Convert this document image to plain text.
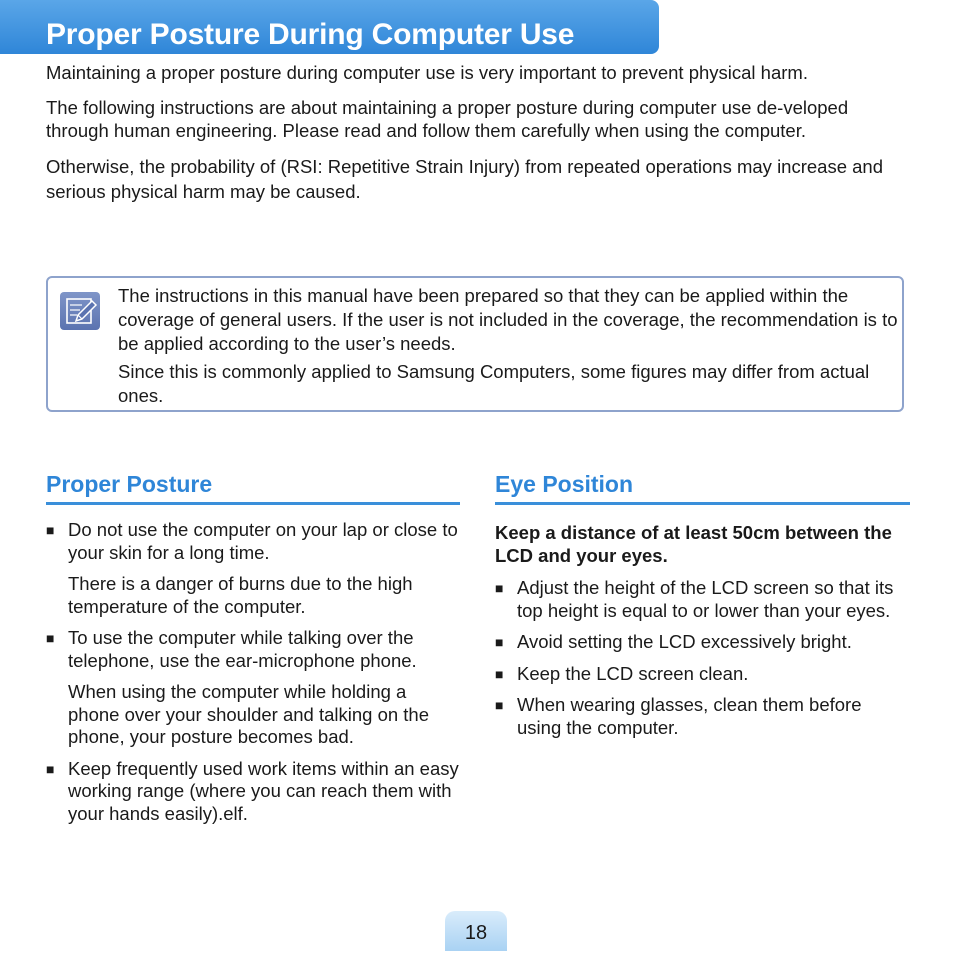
Proper Posture During Computer Use

Maintaining a proper posture during computer use is very important to prevent physical harm.

The following instructions are about maintaining a proper posture during computer use de-veloped through human engineering. Please read and follow them carefully when using the computer.

Otherwise, the probability of (RSI: Repetitive Strain Injury) from repeated operations may increase and serious physical harm may be caused.

The instructions in this manual have been prepared so that they can be applied within the coverage of general users. If the user is not included in the coverage, the recommendation is to be applied according to the user’s needs.

Since this is commonly applied to Samsung Computers, some figures may differ from actual ones.

Proper Posture
■ Do not use the computer on your lap or close to your skin for a long time.
There is a danger of burns due to the high temperature of the computer.
■ To use the computer while talking over the telephone, use the ear-microphone phone.
When using the computer while holding a phone over your shoulder and talking on the phone, your posture becomes bad.
■ Keep frequently used work items within an easy working range (where you can reach them with your hands easily).elf.
Eye Position
Keep a distance of at least 50cm between the LCD and your eyes.
■ Adjust the height of the LCD screen so that its top height is equal to or lower than your eyes.
■ Avoid setting the LCD excessively bright.
■ Keep the LCD screen clean.
■ When wearing glasses, clean them before using the computer.
18
